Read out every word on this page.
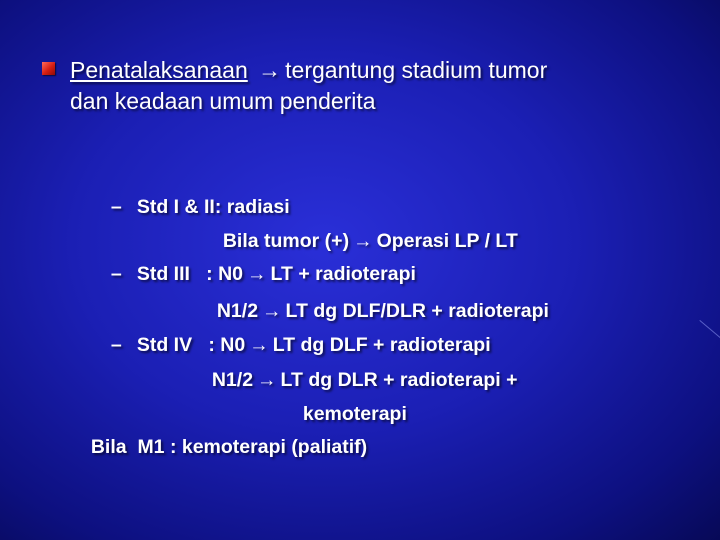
Penatalaksanaan → tergantung stadium tumor
dan keadaan umum penderita

– Std I & II: radiasi

Bila tumor (+) → Operasi LP / LT

– Std III   : N0 → LT + radioterapi

N1/2 → LT dg DLF/DLR + radioterapi

– Std IV   : N0 → LT dg DLF + radioterapi

N1/2 → LT dg DLR + radioterapi +

kemoterapi

Bila  M1 : kemoterapi (paliatif)
